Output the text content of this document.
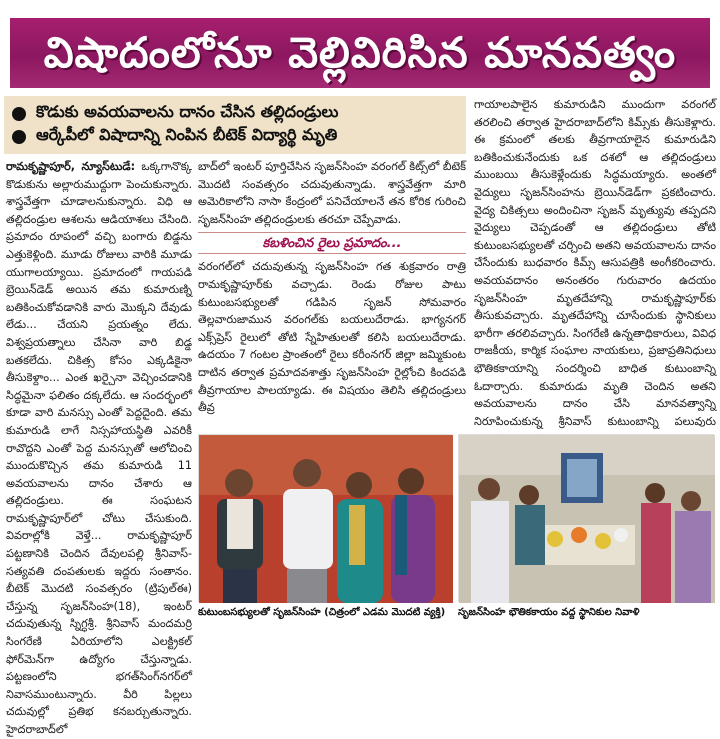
విషాదంలోనూ వెల్లివిరిసిన మానవత్వం
కొడుకు అవయవాలను దానం చేసిన తల్లిదండ్రులు
ఆర్కేపీలో విషాదాన్ని నింపిన బీటెక్ విద్యార్థి మృతి

రామకృష్ణాపూర్, న్యూస్‌టుడే: ఒక్కగానొక్క కొడుకును అల్లారుముద్దుగా పెంచుకున్నారు. శాస్త్రవేత్తగా చూడాలనుకున్నారు. విధి ఆ తల్లిదండ్రుల ఆశలను ఆడియాశలు చేసింది. ప్రమాదం రూపంలో వచ్చి బంగారు బిడ్డను ఎత్తుకెళ్లింది. మూడు రోజులు వారికి మూడు యుగాలయ్యాయి. ప్రమాదంలో గాయపడి బ్రెయిన్‌డెడ్ అయిన తమ కుమారుణ్ని బతికించుకోవడానికి వారు మొక్కని దేవుడు లేడు... చేయని ప్రయత్నం లేదు. విశ్వప్రయత్నాలు చేసినా వారి బిడ్డ బతకలేదు. చికిత్స కోసం ఎక్కడికైనా తీసుకెళ్దాం... ఎంత ఖర్చైనా వెచ్చించడానికి సిద్ధమైనా ఫలితం దక్కలేదు. ఆ సందర్భంలో కూడా వారి మనస్సు ఎంతో పెద్దదైంది. తమ కుమారుడి లాగే నిస్సహాయస్థితి ఎవరికీ రావొద్దని ఎంతో పెద్ద మనస్సుతో ఆలోచించి ముందుకొచ్చిన తమ కుమారుడి 11 అవయవాలను దానం చేశారు ఆ తల్లిదండ్రులు. ఈ సంఘటన రామకృష్ణాపూర్‌లో చోటు చేసుకుంది. వివరాల్లోకి వెళ్తే... రామకృష్ణాపూర్ పట్టణానికి చెందిన దేవులపల్లి శ్రీనివాస్-సత్యవతి దంపతులకు ఇద్దరు సంతానం. బీటెక్ మొదటి సంవత్సరం (ట్రిపుల్‌ఈ) చేస్తున్న సృజన్‌సింహ(18), ఇంటర్ చదువుతున్న స్నిగ్ధశ్రీ. శ్రీనివాస్ మందమర్రి సింగరేణి ఏరియాలోని ఎలక్ట్రికల్ ఫోర్‌మెన్‌గా ఉద్యోగం చేస్తున్నాడు. పట్టణంలోని భగత్‌సింగ్‌నగర్‌లో నివాసముంటున్నారు. వీరి పిల్లలు చదువుల్లో ప్రతిభ కనబర్చుతున్నారు. హైదరాబాద్‌లో

బాద్‌లో ఇంటర్ పూర్తిచేసిన సృజన్‌సింహ వరంగల్ కిట్స్‌లో బీటెక్ మొదటి సంవత్సరం చదువుతున్నాడు. శాస్త్రవేత్తగా మారి అమెరికాలోని నాసా కేంద్రంలో పనిచేయాలనే తన కోరిక గురించి సృజన్‌సింహ తల్లిదండ్రులకు తరచూ చెప్పేవాడు.

కబళించిన రైలు ప్రమాదం...

వరంగల్‌లో చదువుతున్న సృజన్‌సింహ గత శుక్రవారం రాత్రి రామకృష్ణాపూర్‌కు వచ్చాడు. రెండు రోజుల పాటు కుటుంబసభ్యులతో గడిపిన సృజన్ సోమవారం తెల్లవారుజామున వరంగల్‌కు బయలుదేరాడు. భాగ్యనగర్ ఎక్స్‌ప్రెస్ రైలులో తోటి స్నేహితులతో కలిసి బయలుదేరాడు. ఉదయం 7 గంటల ప్రాంతంలో రైలు కరీంనగర్ జిల్లా జమ్మికుంట దాటిన తర్వాత ప్రమాదవశాత్తు సృజన్‌సింహ రైల్లోంచి కిందపడి తీవ్రగాయాల పాలయ్యాడు. ఈ విషయం తెలిసి తల్లిదండ్రులు తీవ్ర

గాయాలపాలైన కుమారుడిని ముందుగా వరంగల్ తరలించి తర్వాత హైదరాబాద్‌లోని కిమ్స్‌కు తీసుకెళ్లారు. ఈ క్రమంలో తలకు తీవ్రగాయాలైన కుమారుడిని బతికించుకునేందుకు ఒక దశలో ఆ తల్లిదండ్రులు ముంబయి తీసుకెళ్లేందుకు సిద్ధమయ్యారు. అంతలో వైద్యులు సృజన్‌సింహను బ్రెయిన్‌డెడ్‌గా ప్రకటించారు. వైద్య చికిత్సలు అందించినా సృజన్ మృత్యువు తప్పదని వైద్యులు చెప్పడంతో ఆ తల్లిదండ్రులు తోటి కుటుంబసభ్యులతో చర్చించి అతని అవయవాలను దానం చేసేందుకు బుధవారం కిమ్స్ ఆసుపత్రికి అంగీకరించారు. అవయవదానం అనంతరం గురువారం ఉదయం సృజన్‌సింహ మృతదేహాన్ని రామకృష్ణాపూర్‌కు తీసుకువచ్చారు. మృతదేహాన్ని చూసేందుకు స్థానికులు భారీగా తరలివచ్చారు. సింగరేణి ఉన్నతాధికారులు, వివిధ రాజకీయ, కార్మిక సంఘాల నాయకులు, ప్రజాప్రతినిధులు భౌతికకాయాన్ని సందర్శించి బాధిత కుటుంబాన్ని ఓదార్చారు. కుమారుడు మృతి చెందిన అతని అవయవాలను దానం చేసి మానవత్వాన్ని నిరూపించుకున్న శ్రీనివాస్ కుటుంబాన్ని పలువురు

కుటుంబసభ్యులతో సృజన్‌సింహ (చిత్రంలో ఎడమ మొదటి వ్యక్తి)	సృజన్‌సింహ భౌతికకాయం వద్ద స్థానికుల నివాళి
